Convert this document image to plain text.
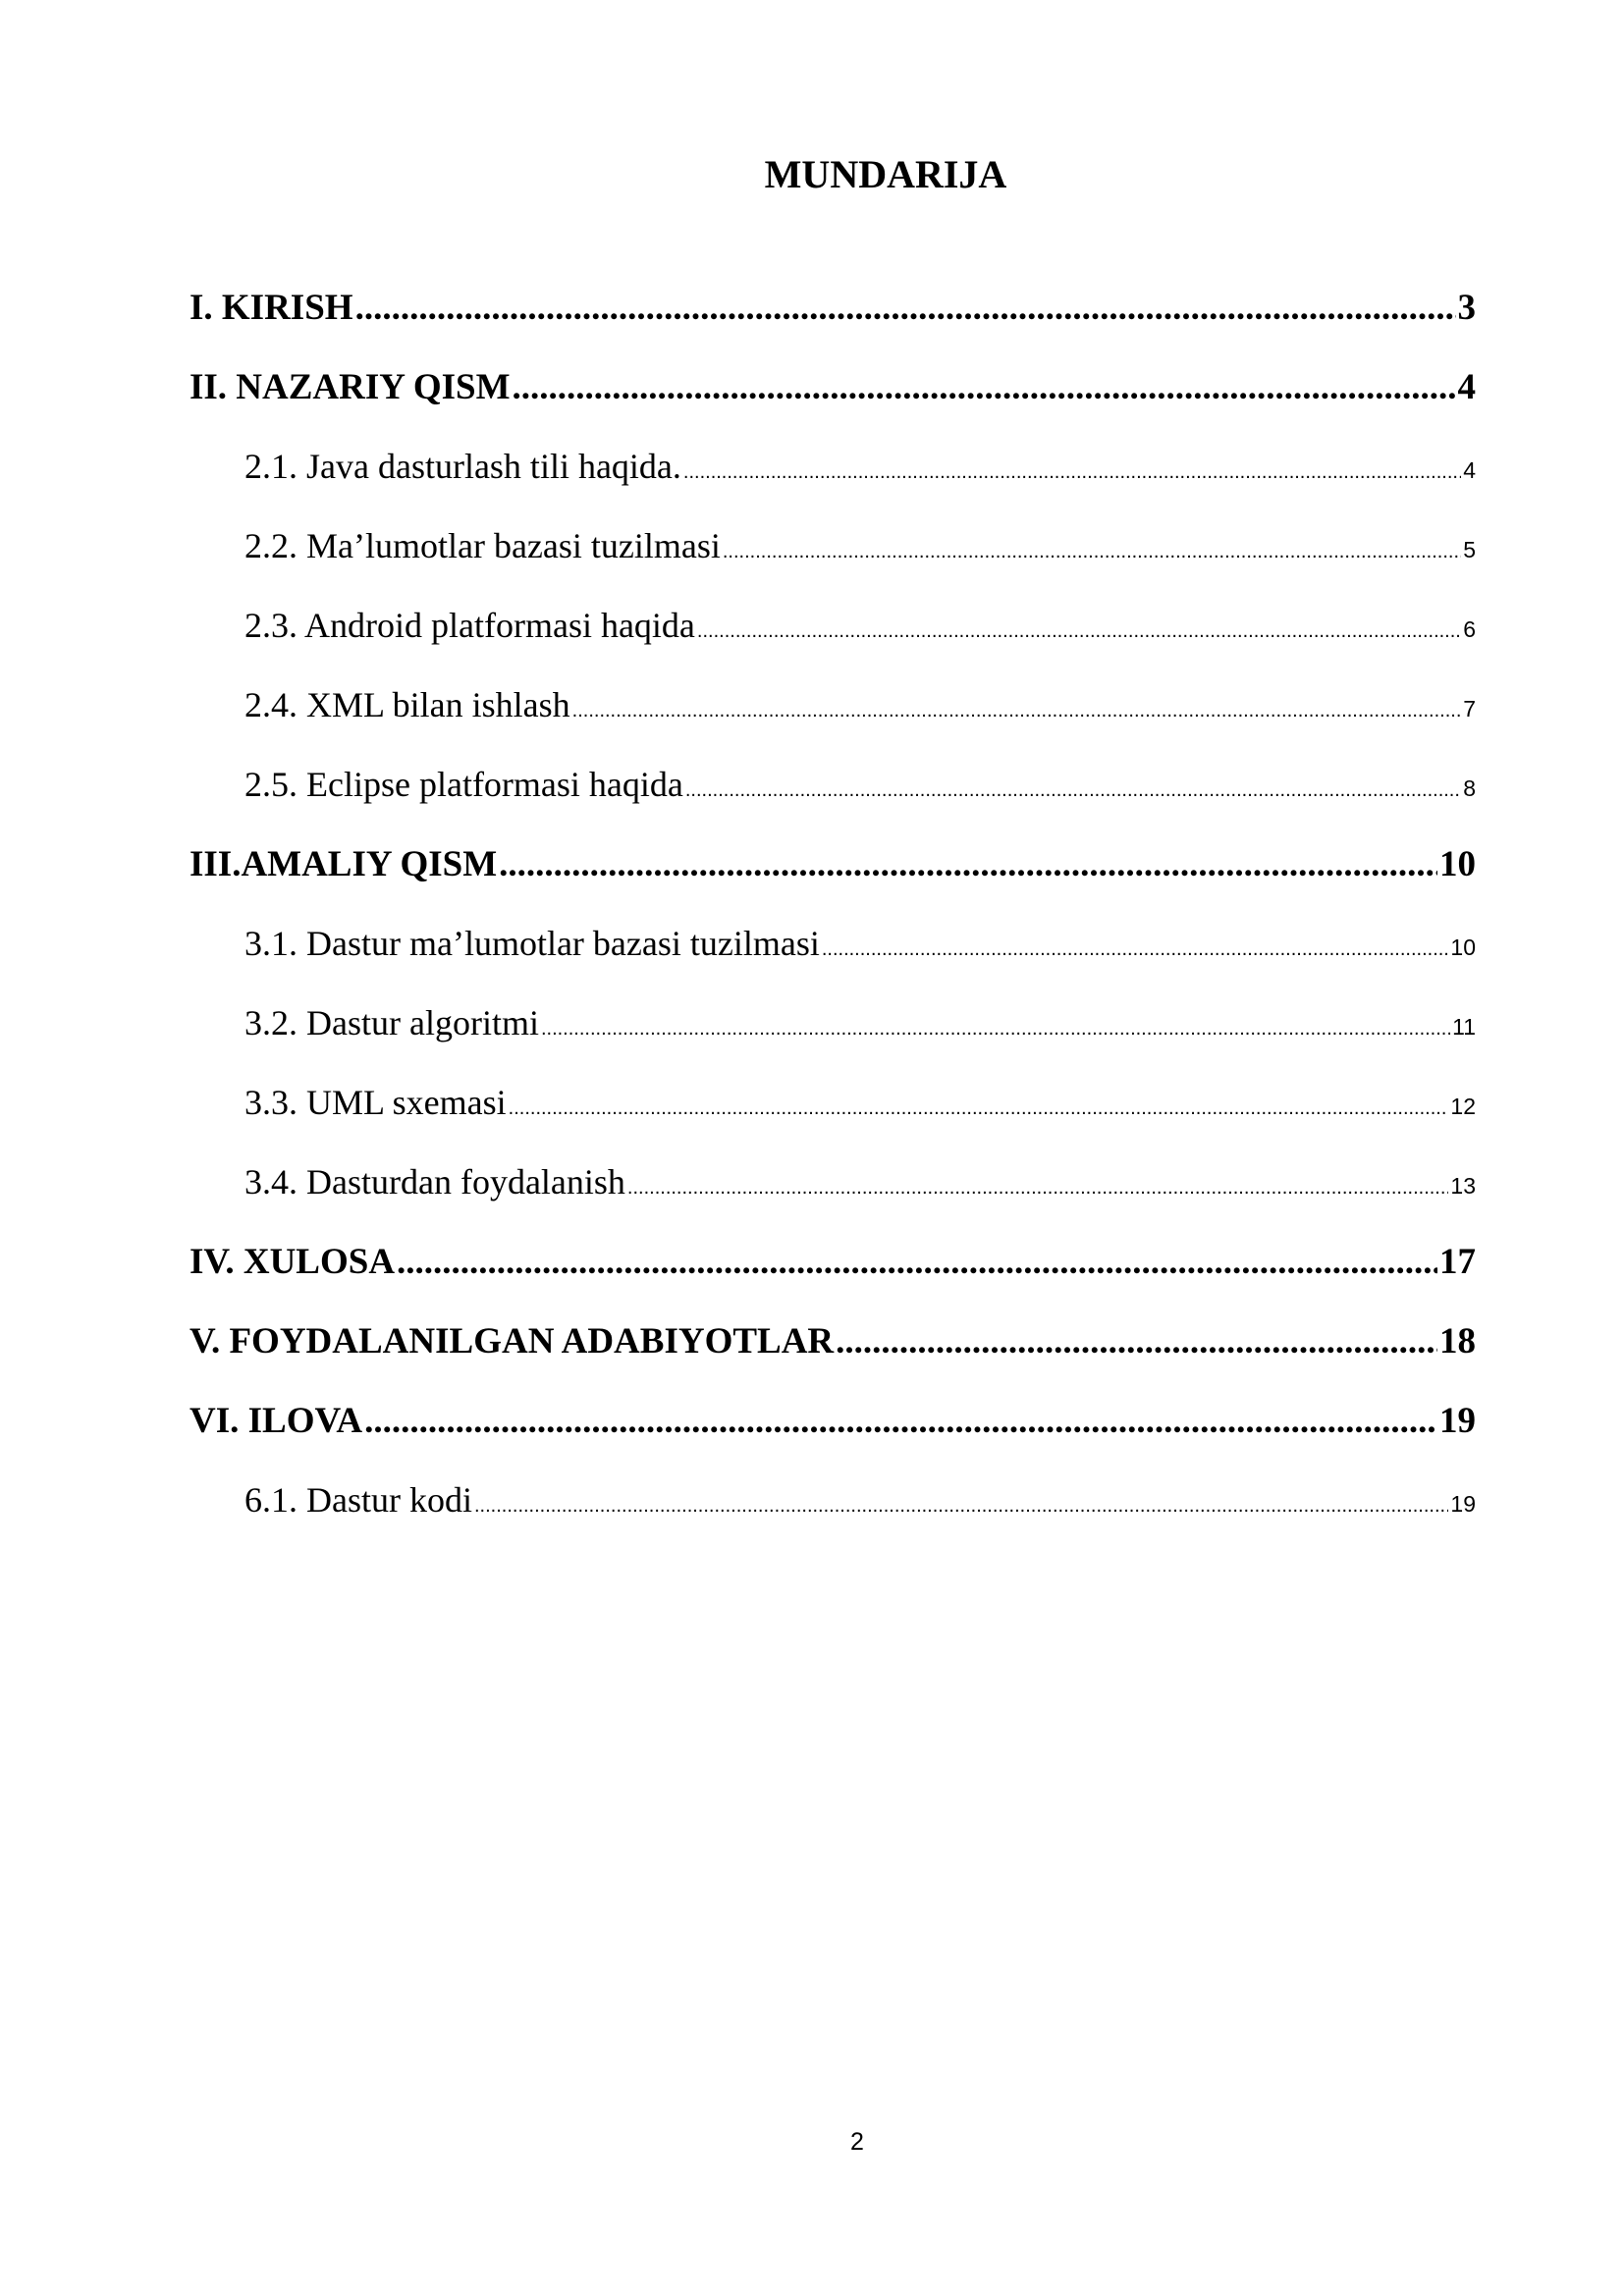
MUNDARIJA
I. KIRISH .....	3
II. NAZARIY QISM .....	4
2.1. Java dasturlash tili haqida. .....	4
2.2. Ma’lumotlar bazasi tuzilmasi .....	5
2.3. Android platformasi haqida .....	6
2.4. XML bilan ishlash .....	7
2.5. Eclipse platformasi haqida .....	8
III.AMALIY QISM .....	10
3.1. Dastur ma’lumotlar bazasi tuzilmasi .....	10
3.2. Dastur algoritmi .....	11
3.3. UML sxemasi .....	12
3.4. Dasturdan foydalanish .....	13
IV. XULOSA .....	17
V. FOYDALANILGAN ADABIYOTLAR .....	18
VI. ILOVA .....	19
6.1. Dastur kodi .....	19
2
